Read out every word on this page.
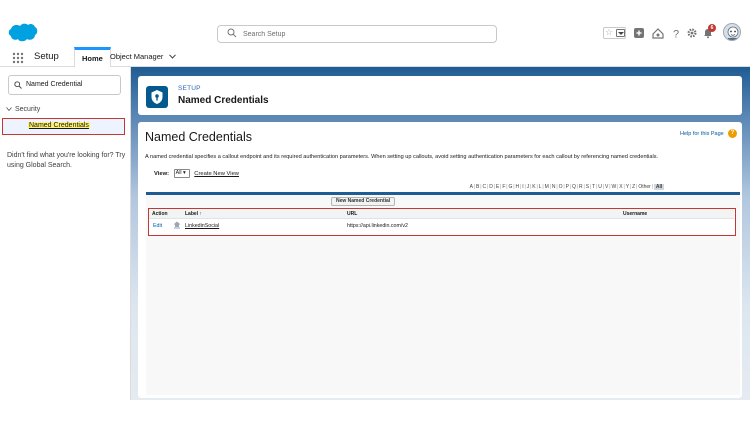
Search Setup
☆	?
6
Setup	Home Object Manager
Named Credential
Security
Named Credentials
Didn't find what you're looking for? Try using Global Search.
SETUP
Named Credentials
Named Credentials	Help for this Page	?
A named credential specifies a callout endpoint and its required authentication parameters. When setting up callouts, avoid setting authentication parameters for each callout by referencing named credentials.
View: All ▾ Create New View
A|B|C|D|E|F|G|H|I|J|K|L|M|N|O|P|Q|R|S|T|U|V|W|X|Y|Z|Other| All
New Named Credential
Action	Label ↑	URL	Username
Edit	LinkedinSocial	https://api.linkedin.com/v2
